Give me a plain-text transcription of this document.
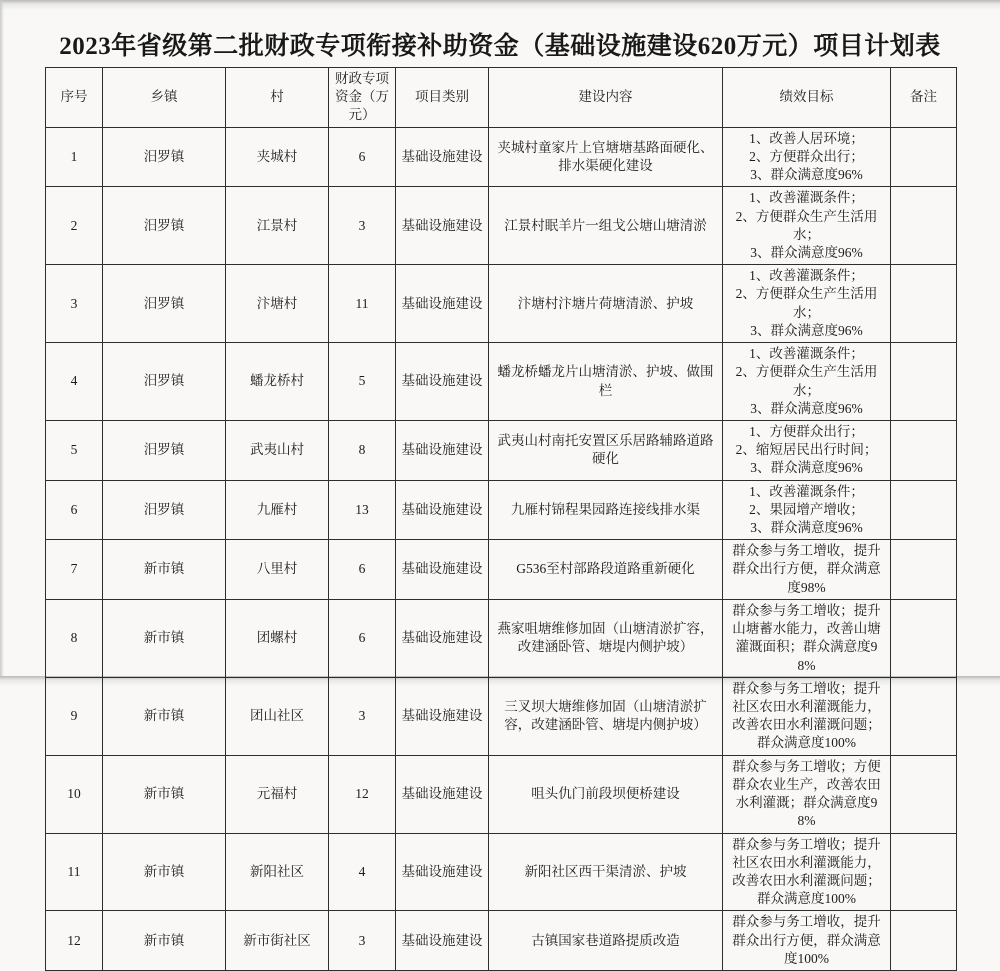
2023年省级第二批财政专项衔接补助资金（基础设施建设620万元）项目计划表
序号	乡镇	村	财政专项资金（万元）	项目类别	建设内容	绩效目标	备注
1	汨罗镇	夹城村	6	基础设施建设	夹城村童家片上官塘塘基路面硬化、排水渠硬化建设	1、改善人居环境；
2、方便群众出行；
3、群众满意度96%	

2	汨罗镇	江景村	3	基础设施建设	江景村眠羊片一组戈公塘山塘清淤	1、改善灌溉条件；
2、方便群众生产生活用水；
3、群众满意度96%	

3	汨罗镇	汴塘村	11	基础设施建设	汴塘村汴塘片荷塘清淤、护坡	1、改善灌溉条件；
2、方便群众生产生活用水；
3、群众满意度96%	

4	汨罗镇	蟠龙桥村	5	基础设施建设	蟠龙桥蟠龙片山塘清淤、护坡、做围栏	1、改善灌溉条件；
2、方便群众生产生活用水；
3、群众满意度96%	

5	汨罗镇	武夷山村	8	基础设施建设	武夷山村南托安置区乐居路辅路道路硬化	1、方便群众出行；
2、缩短居民出行时间；
3、群众满意度96%	

6	汨罗镇	九雁村	13	基础设施建设	九雁村锦程果园路连接线排水渠	1、改善灌溉条件；
2、果园增产增收；
3、群众满意度96%	

7	新市镇	八里村	6	基础设施建设	G536至村部路段道路重新硬化	群众参与务工增收，提升群众出行方便，群众满意度98%	

8	新市镇	团螺村	6	基础设施建设	燕家咀塘维修加固（山塘清淤扩容，改建涵卧管、塘堤内侧护坡）	群众参与务工增收；提升山塘蓄水能力，改善山塘灌溉面积；群众满意度98%	

9	新市镇	团山社区	3	基础设施建设	三叉坝大塘维修加固（山塘清淤扩容，改建涵卧管、塘堤内侧护坡）	群众参与务工增收；提升社区农田水利灌溉能力，改善农田水利灌溉问题；群众满意度100%	

10	新市镇	元福村	12	基础设施建设	咀头仇门前段坝便桥建设	群众参与务工增收；方便群众农业生产，改善农田水利灌溉；群众满意度98%	

11	新市镇	新阳社区	4	基础设施建设	新阳社区西干渠清淤、护坡	群众参与务工增收；提升社区农田水利灌溉能力，改善农田水利灌溉问题；群众满意度100%	

12	新市镇	新市街社区	3	基础设施建设	古镇国家巷道路提质改造	群众参与务工增收，提升群众出行方便，群众满意度100%	
